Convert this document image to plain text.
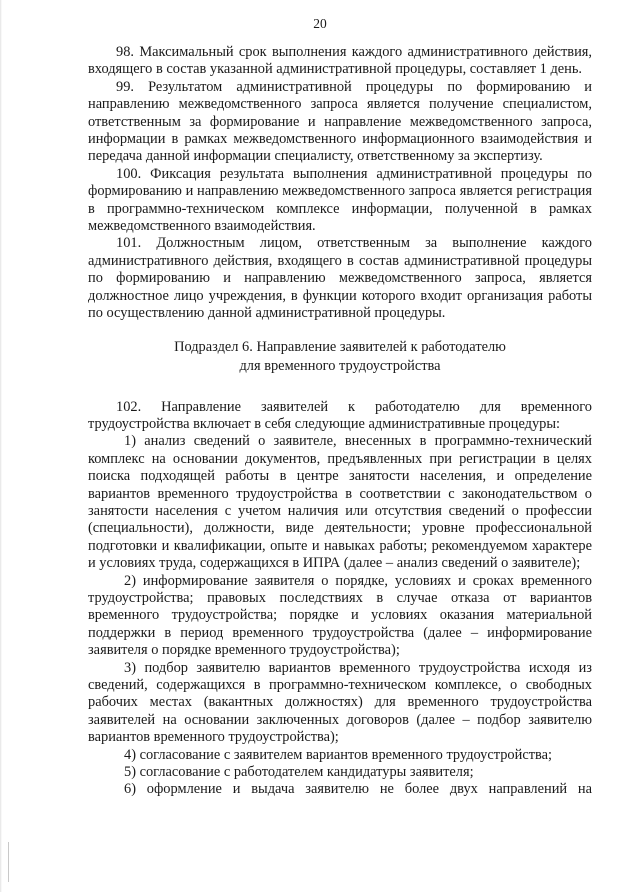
20

98. Максимальный срок выполнения каждого административного действия, входящего в состав указанной административной процедуры, составляет 1 день.

99. Результатом административной процедуры по формированию и направлению межведомственного запроса является получение специалистом, ответственным за формирование и направление межведомственного запроса, информации в рамках межведомственного информационного взаимодействия и передача данной информации специалисту, ответственному за экспертизу.

100. Фиксация результата выполнения административной процедуры по формированию и направлению межведомственного запроса является регистрация в программно-техническом комплексе информации, полученной в рамках межведомственного взаимодействия.

101. Должностным лицом, ответственным за выполнение каждого административного действия, входящего в состав административной процедуры по формированию и направлению межведомственного запроса, является должностное лицо учреждения, в функции которого входит организация работы по осуществлению данной административной процедуры.

Подраздел 6. Направление заявителей к работодателю
для временного трудоустройства

102. Направление заявителей к работодателю для временного трудоустройства включает в себя следующие административные процедуры:

1) анализ сведений о заявителе, внесенных в программно-технический комплекс на основании документов, предъявленных при регистрации в целях поиска подходящей работы в центре занятости населения, и определение вариантов временного трудоустройства в соответствии с законодательством о занятости населения с учетом наличия или отсутствия сведений о профессии (специальности), должности, виде деятельности; уровне профессиональной подготовки и квалификации, опыте и навыках работы; рекомендуемом характере и условиях труда, содержащихся в ИПРА (далее – анализ сведений о заявителе);

2) информирование заявителя о порядке, условиях и сроках временного трудоустройства; правовых последствиях в случае отказа от вариантов временного трудоустройства; порядке и условиях оказания материальной поддержки в период временного трудоустройства (далее – информирование заявителя о порядке временного трудоустройства);

3) подбор заявителю вариантов временного трудоустройства исходя из сведений, содержащихся в программно-техническом комплексе, о свободных рабочих местах (вакантных должностях) для временного трудоустройства заявителей на основании заключенных договоров (далее – подбор заявителю вариантов временного трудоустройства);

4) согласование с заявителем вариантов временного трудоустройства;

5) согласование с работодателем кандидатуры заявителя;

6) оформление и выдача заявителю не более двух направлений на
